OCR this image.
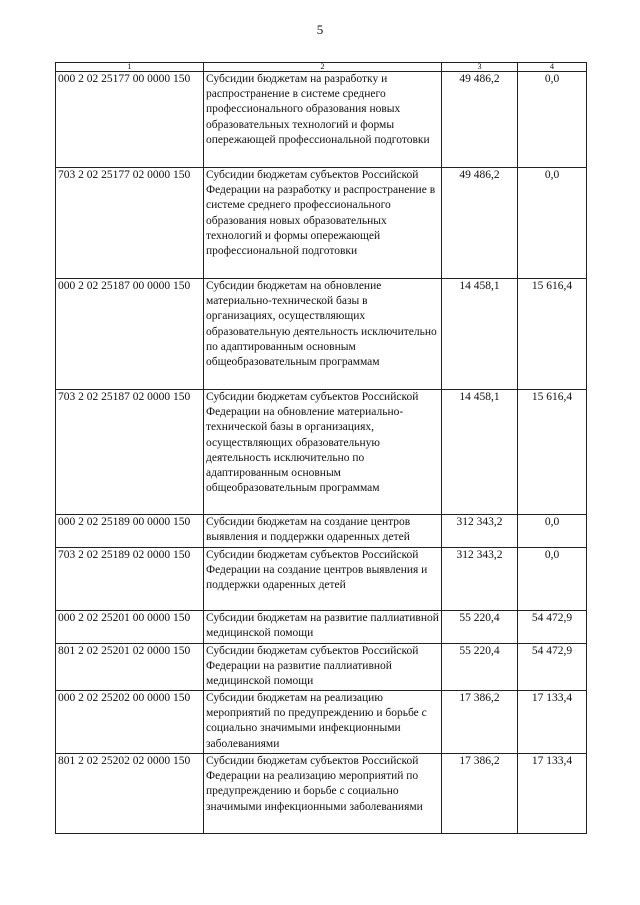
5
1	2	3	4
000 2 02 25177 00 0000 150	Субсидии бюджетам на разработку и распространение в системе среднего профессионального образования новых образовательных технологий и формы опережающей профессиональной подготовки	49 486,2	0,0
703 2 02 25177 02 0000 150	Субсидии бюджетам субъектов Российской Федерации на разработку и распространение в системе среднего профессионального образования новых образовательных технологий и формы опережающей профессиональной подготовки	49 486,2	0,0
000 2 02 25187 00 0000 150	Субсидии бюджетам на обновление материально-технической базы в организациях, осуществляющих образовательную деятельность исключительно по адаптированным основным общеобразовательным программам	14 458,1	15 616,4
703 2 02 25187 02 0000 150	Субсидии бюджетам субъектов Российской Федерации на обновление материально-технической базы в организациях, осуществляющих образовательную деятельность исключительно по адаптированным основным общеобразовательным программам	14 458,1	15 616,4
000 2 02 25189 00 0000 150	Субсидии бюджетам на создание центров выявления и поддержки одаренных детей	312 343,2	0,0
703 2 02 25189 02 0000 150	Субсидии бюджетам субъектов Российской Федерации на создание центров выявления и поддержки одаренных детей	312 343,2	0,0
000 2 02 25201 00 0000 150	Субсидии бюджетам на развитие паллиативной медицинской помощи	55 220,4	54 472,9
801 2 02 25201 02 0000 150	Субсидии бюджетам субъектов Российской Федерации на развитие паллиативной медицинской помощи	55 220,4	54 472,9
000 2 02 25202 00 0000 150	Субсидии бюджетам на реализацию мероприятий по предупреждению и борьбе с социально значимыми инфекционными заболеваниями	17 386,2	17 133,4
801 2 02 25202 02 0000 150	Субсидии бюджетам субъектов Российской Федерации на реализацию мероприятий по предупреждению и борьбе с социально значимыми инфекционными заболеваниями	17 386,2	17 133,4
